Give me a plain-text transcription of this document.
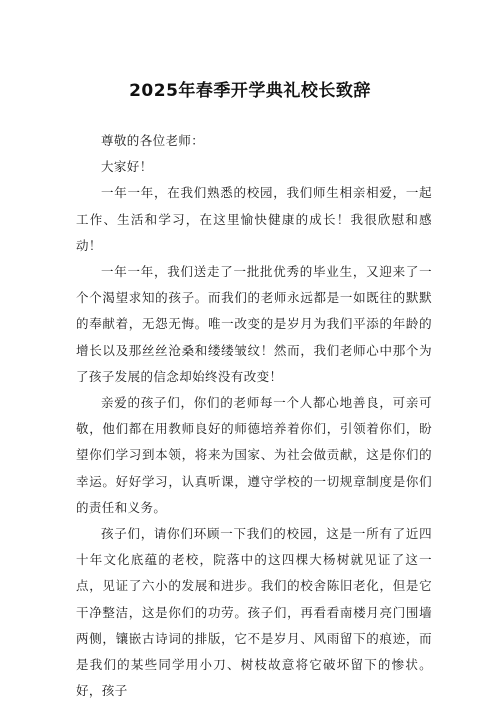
2025年春季开学典礼校长致辞

尊敬的各位老师：

大家好！

一年一年，在我们熟悉的校园，我们师生相亲相爱，一起工作、生活和学习，在这里愉快健康的成长！我很欣慰和感动！

一年一年，我们送走了一批批优秀的毕业生，又迎来了一个个渴望求知的孩子。而我们的老师永远都是一如既往的默默的奉献着，无怨无悔。唯一改变的是岁月为我们平添的年龄的增长以及那丝丝沧桑和缕缕皱纹！然而，我们老师心中那个为了孩子发展的信念却始终没有改变！

亲爱的孩子们，你们的老师每一个人都心地善良，可亲可敬，他们都在用教师良好的师德培养着你们，引领着你们，盼望你们学习到本领，将来为国家、为社会做贡献，这是你们的幸运。好好学习，认真听课，遵守学校的一切规章制度是你们的责任和义务。

孩子们，请你们环顾一下我们的校园，这是一所有了近四十年文化底蕴的老校，院落中的这四棵大杨树就见证了这一点，见证了六小的发展和进步。我们的校舍陈旧老化，但是它干净整洁，这是你们的功劳。孩子们，再看看南楼月亮门围墙两侧，镶嵌古诗词的排版，它不是岁月、风雨留下的痕迹，而是我们的某些同学用小刀、树枝故意将它破坏留下的惨状。好，孩子
